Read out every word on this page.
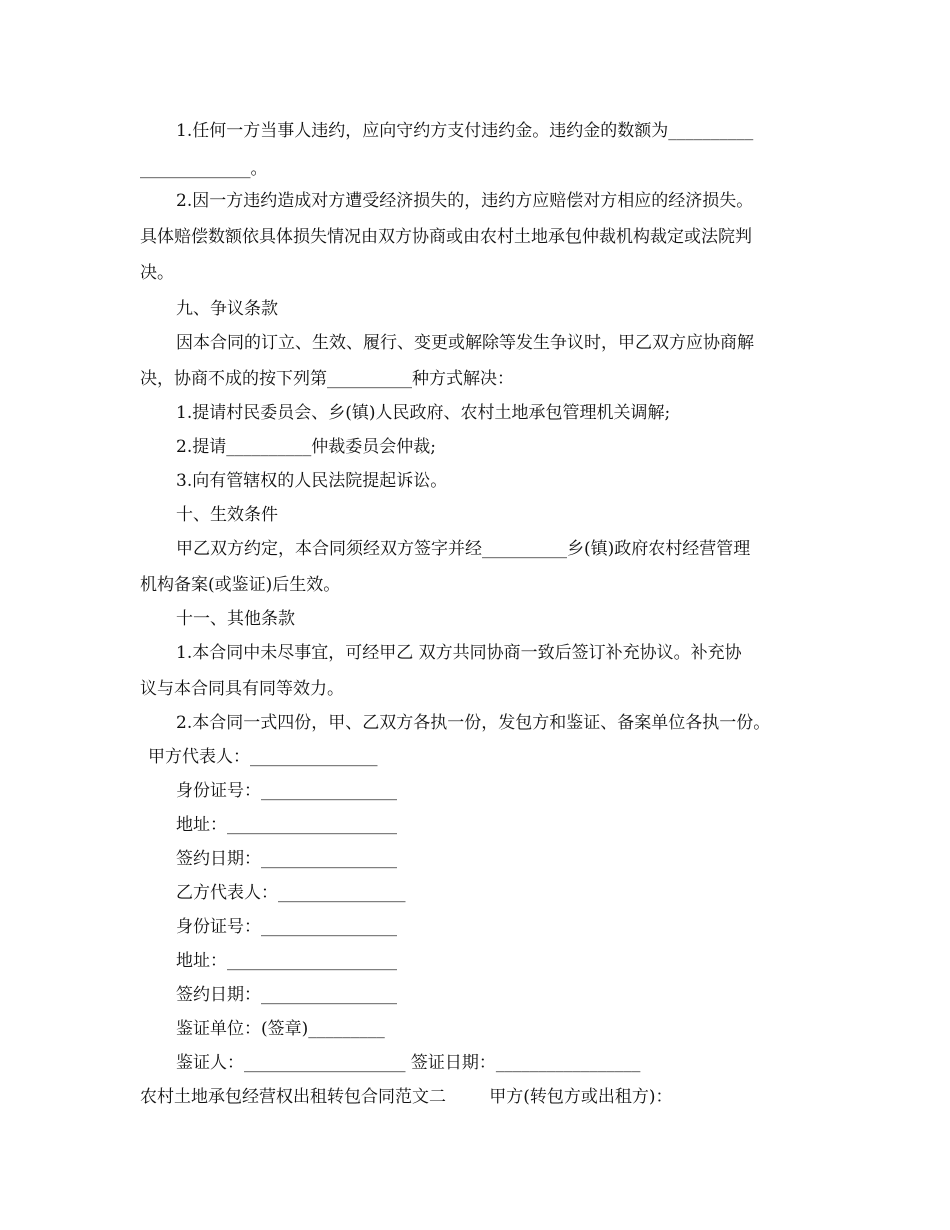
1.任何一方当事人违约，应向守约方支付违约金。违约金的数额为__________
_____________。
2.因一方违约造成对方遭受经济损失的，违约方应赔偿对方相应的经济损失。
具体赔偿数额依具体损失情况由双方协商或由农村土地承包仲裁机构裁定或法院判
决。
九、争议条款
因本合同的订立、生效、履行、变更或解除等发生争议时，甲乙双方应协商解
决，协商不成的按下列第__________种方式解决：
1.提请村民委员会、乡(镇)人民政府、农村土地承包管理机关调解;
2.提请__________仲裁委员会仲裁;
3.向有管辖权的人民法院提起诉讼。
十、生效条件
甲乙双方约定，本合同须经双方签字并经__________乡(镇)政府农村经营管理
机构备案(或鉴证)后生效。
十一、其他条款
1.本合同中未尽事宜，可经甲乙 双方共同协商一致后签订补充协议。补充协
议与本合同具有同等效力。
2.本合同一式四份，甲、乙双方各执一份，发包方和鉴证、备案单位各执一份。
甲方代表人：_______________
身份证号：________________
地址：____________________
签约日期：________________
乙方代表人：_______________
身份证号：________________
地址：____________________
签约日期：________________
鉴证单位：(签章)_________
鉴证人：___________________ 签证日期：_________________
农村土地承包经营权出租转包合同范文二        甲方(转包方或出租方)：
